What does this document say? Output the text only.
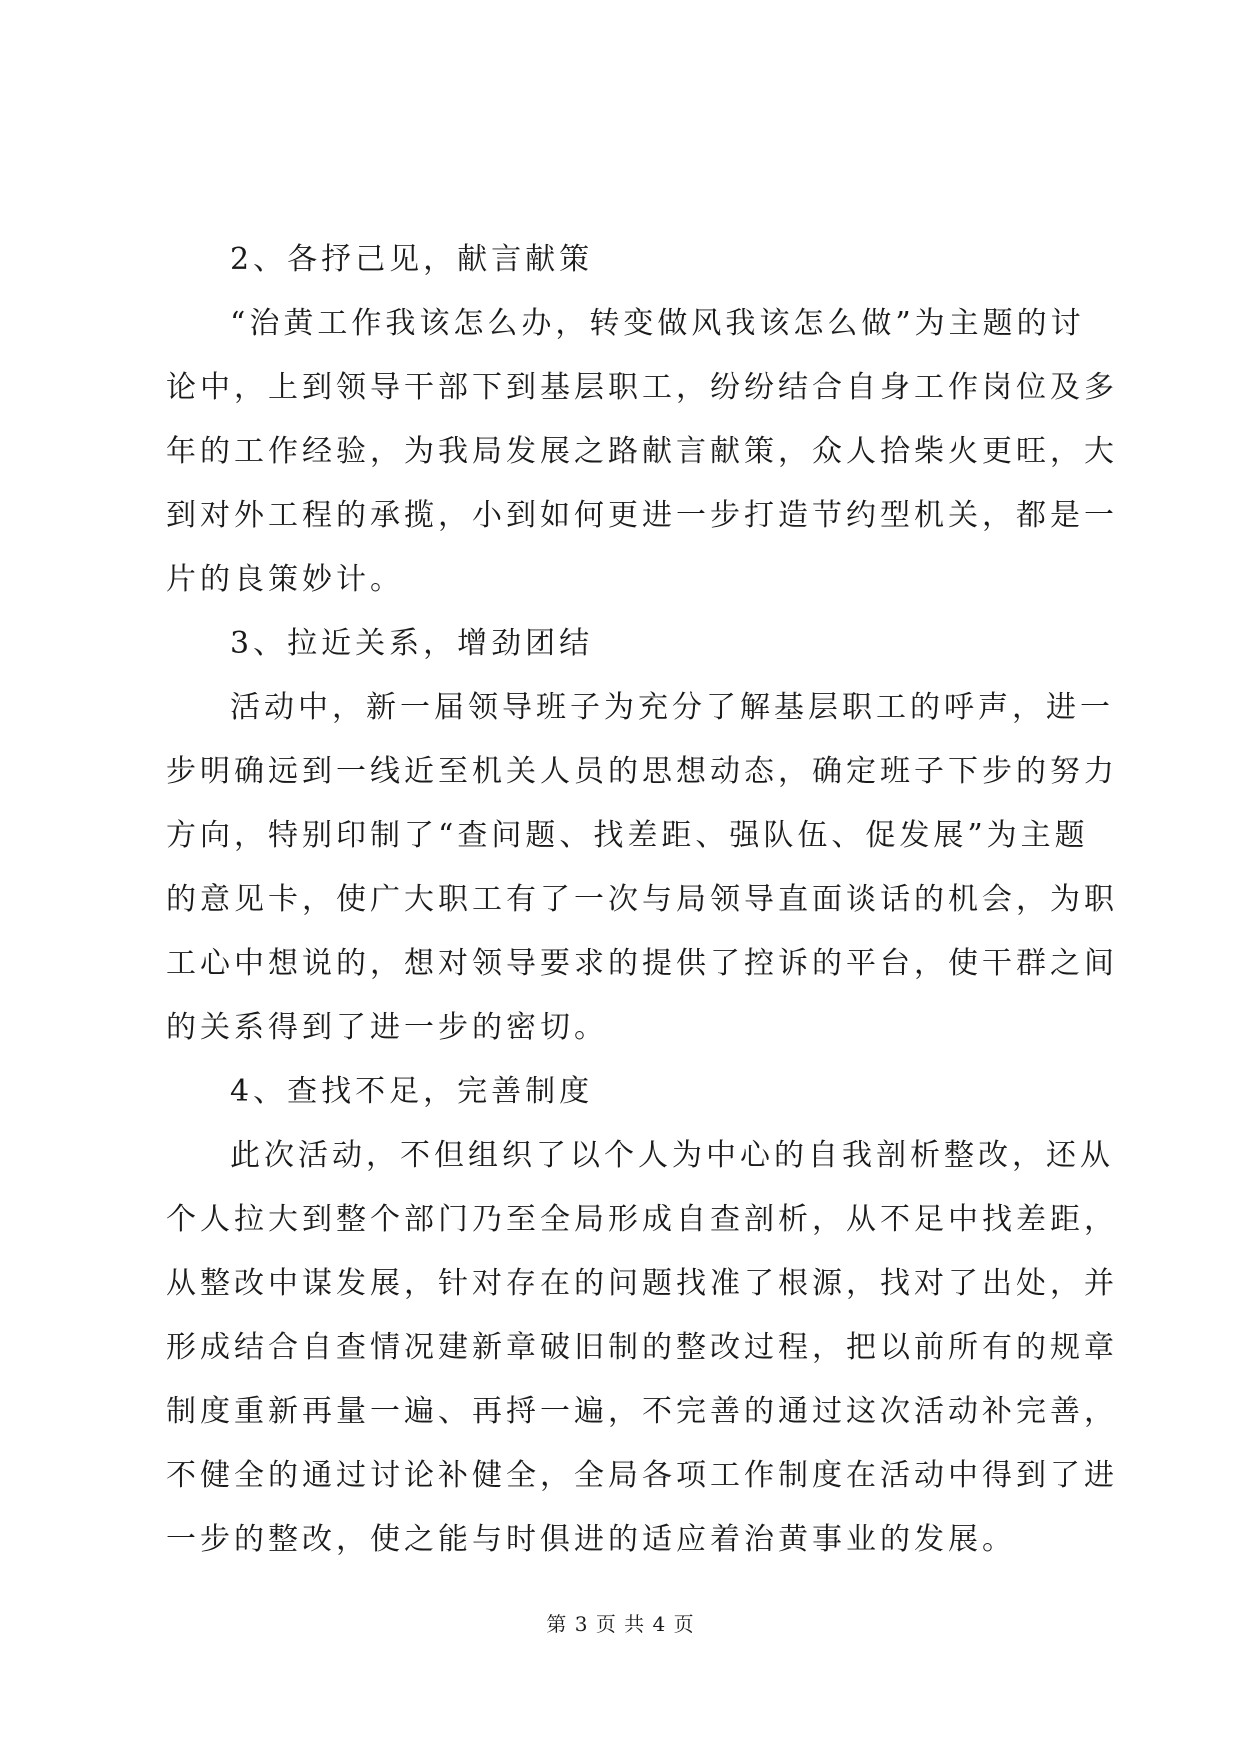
2、各抒己见，献言献策
“治黄工作我该怎么办，转变做风我该怎么做”为主题的讨
论中，上到领导干部下到基层职工，纷纷结合自身工作岗位及多
年的工作经验，为我局发展之路献言献策，众人拾柴火更旺，大
到对外工程的承揽，小到如何更进一步打造节约型机关，都是一
片的良策妙计。
3、拉近关系，增劲团结
活动中，新一届领导班子为充分了解基层职工的呼声，进一
步明确远到一线近至机关人员的思想动态，确定班子下步的努力
方向，特别印制了“查问题、找差距、强队伍、促发展”为主题
的意见卡，使广大职工有了一次与局领导直面谈话的机会，为职
工心中想说的，想对领导要求的提供了控诉的平台，使干群之间
的关系得到了进一步的密切。
4、查找不足，完善制度
此次活动，不但组织了以个人为中心的自我剖析整改，还从
个人拉大到整个部门乃至全局形成自查剖析，从不足中找差距，
从整改中谋发展，针对存在的问题找准了根源，找对了出处，并
形成结合自查情况建新章破旧制的整改过程，把以前所有的规章
制度重新再量一遍、再捋一遍，不完善的通过这次活动补完善，
不健全的通过讨论补健全，全局各项工作制度在活动中得到了进
一步的整改，使之能与时俱进的适应着治黄事业的发展。
第 3 页 共 4 页
